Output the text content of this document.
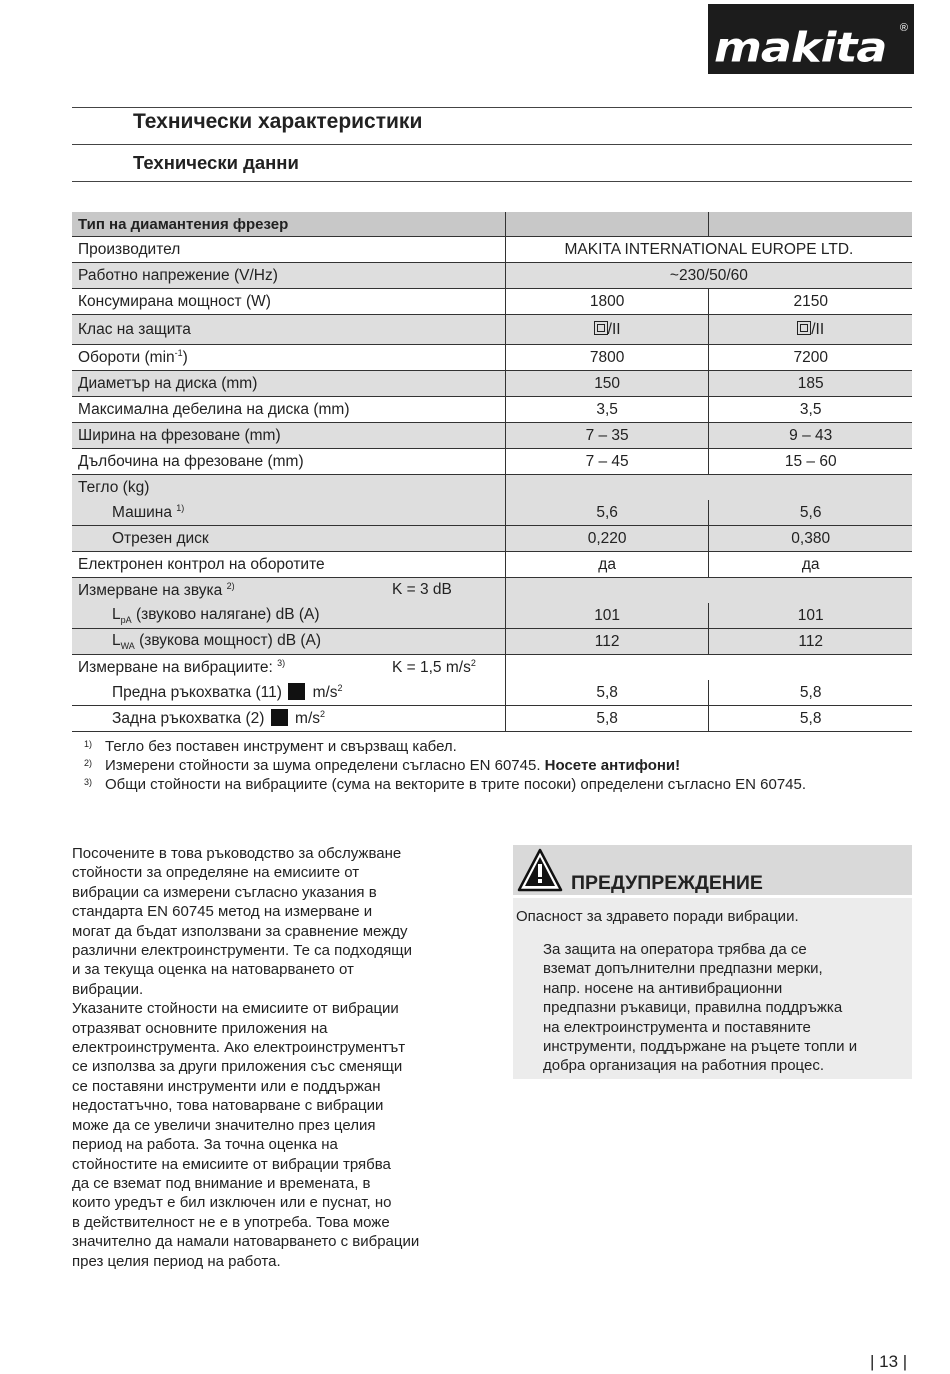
makita ®
Технически характеристики
Технически данни
Тип на диамантения фрезер		
Производител	MAKITA INTERNATIONAL EUROPE LTD.	
Работно напрежение (V/Hz)	~230/50/60	
Консумирана мощност (W)	1800	2150
Клас на защита	/II	/II
Обороти $(\min^{-1})$	7800	7200
Диаметър на диска (mm)	150	185
Максимална дебелина на диска (mm)	3,5	3,5
Ширина на фрезоване (mm)	7 – 35	9 – 43
Дълбочина на фрезоване (mm)	7 – 45	15 – 60
Тегло (kg)		
Машина $^{1)}$	5,6	5,6
Отрезен диск	0,220	0,380
Електронен контрол на оборотите	да	да
Измерване на звука $^{2)}$ K = 3 dB		

$L_{pA}$ (звуково налягане) dB (A)	101	101
$L_{WA}$ (звукова мощност) dB (A)	112	112
Измерване на вибрациите: $^{3)}$ K = 1,5 $m/s^2$

Предна ръкохватка (11) $m/s^2$	5,8	5,8
Задна ръкохватка (2) $m/s^2$	5,8	5,8
1) Тегло без поставен инструмент и свързващ кабел.
2) Измерени стойности за шума определени съгласно EN 60745. Носете антифони!
3) Общи стойности на вибрациите (сума на векторите в трите посоки) определени съгласно EN 60745.
Посочените в това ръководство за обслужване
стойности за определяне на емисиите от
вибрации са измерени съгласно указания в
стандарта EN 60745 метод на измерване и
могат да бъдат използвани за сравнение между
различни електроинструменти. Те са подходящи
и за текуща оценка на натоварването от
вибрации.
Указаните стойности на емисиите от вибрации
отразяват основните приложения на
електроинструмента. Ако електроинструментът
се използва за други приложения със сменящи
се поставяни инструменти или е поддържан
недостатъчно, това натоварване с вибрации
може да се увеличи значително през целия
период на работа. За точна оценка на
стойностите на емисиите от вибрации трябва
да се вземат под внимание и времената, в
които уредът е бил изключен или е пуснат, но
в действителност не е в употреба. Това може
значително да намали натоварването с вибрации
през целия период на работа.
ПРЕДУПРЕЖДЕНИЕ
Опасност за здравето поради вибрации.
За защита на оператора трябва да се
вземат допълнителни предпазни мерки,
напр. носене на антивибрационни
предпазни ръкавици, правилна поддръжка
на електроинструмента и поставяните
инструменти, поддържане на ръцете топли и
добра организация на работния процес.
| 13 |
